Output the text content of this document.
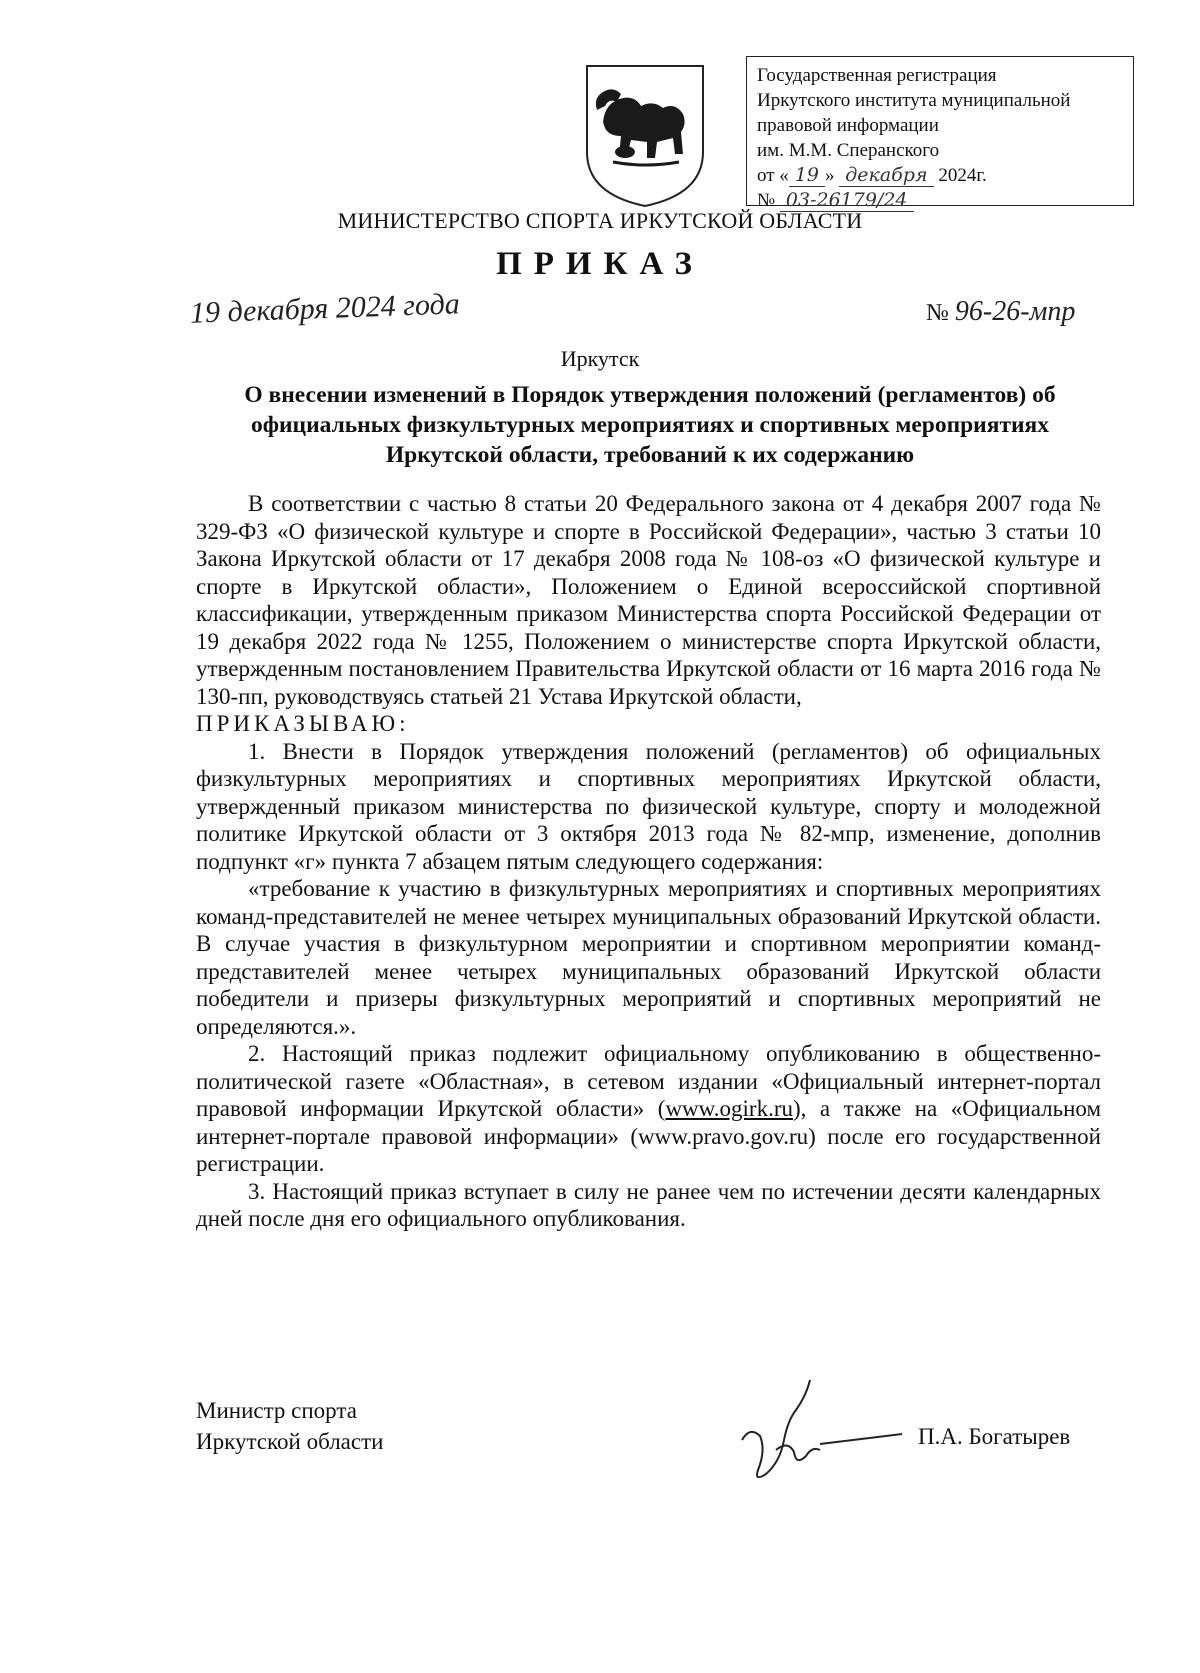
Государственная регистрация
Иркутского института муниципальной
правовой информации
им. М.М. Сперанского
от « 19 » декабря 2024г.
№ 03-26179/24
МИНИСТЕРСТВО СПОРТА ИРКУТСКОЙ ОБЛАСТИ
ПРИКАЗ
19 декабря 2024 года	№ 96-26-мпр
Иркутск
О внесении изменений в Порядок утверждения положений (регламентов) об официальных физкультурных мероприятиях и спортивных мероприятиях Иркутской области, требований к их содержанию

В соответствии с частью 8 статьи 20 Федерального закона от 4 декабря 2007 года № 329-ФЗ «О физической культуре и спорте в Российской Федерации», частью 3 статьи 10 Закона Иркутской области от 17 декабря 2008 года № 108-оз «О физической культуре и спорте в Иркутской области», Положением о Единой всероссийской спортивной классификации, утвержденным приказом Министерства спорта Российской Федерации от 19 декабря 2022 года № 1255, Положением о министерстве спорта Иркутской области, утвержденным постановлением Правительства Иркутской области от 16 марта 2016 года № 130-пп, руководствуясь статьей 21 Устава Иркутской области,

ПРИКАЗЫВАЮ:

1. Внести в Порядок утверждения положений (регламентов) об официальных физкультурных мероприятиях и спортивных мероприятиях Иркутской области, утвержденный приказом министерства по физической культуре, спорту и молодежной политике Иркутской области от 3 октября 2013 года № 82-мпр, изменение, дополнив подпункт «г» пункта 7 абзацем пятым следующего содержания:

«требование к участию в физкультурных мероприятиях и спортивных мероприятиях команд-представителей не менее четырех муниципальных образований Иркутской области. В случае участия в физкультурном мероприятии и спортивном мероприятии команд-представителей менее четырех муниципальных образований Иркутской области победители и призеры физкультурных мероприятий и спортивных мероприятий не определяются.».

2. Настоящий приказ подлежит официальному опубликованию в общественно-политической газете «Областная», в сетевом издании «Официальный интернет-портал правовой информации Иркутской области» (www.ogirk.ru), а также на «Официальном интернет-портале правовой информации» (www.pravo.gov.ru) после его государственной регистрации.

3. Настоящий приказ вступает в силу не ранее чем по истечении десяти календарных дней после дня его официального опубликования.

Министр спорта
Иркутской области	П.А. Богатырев
